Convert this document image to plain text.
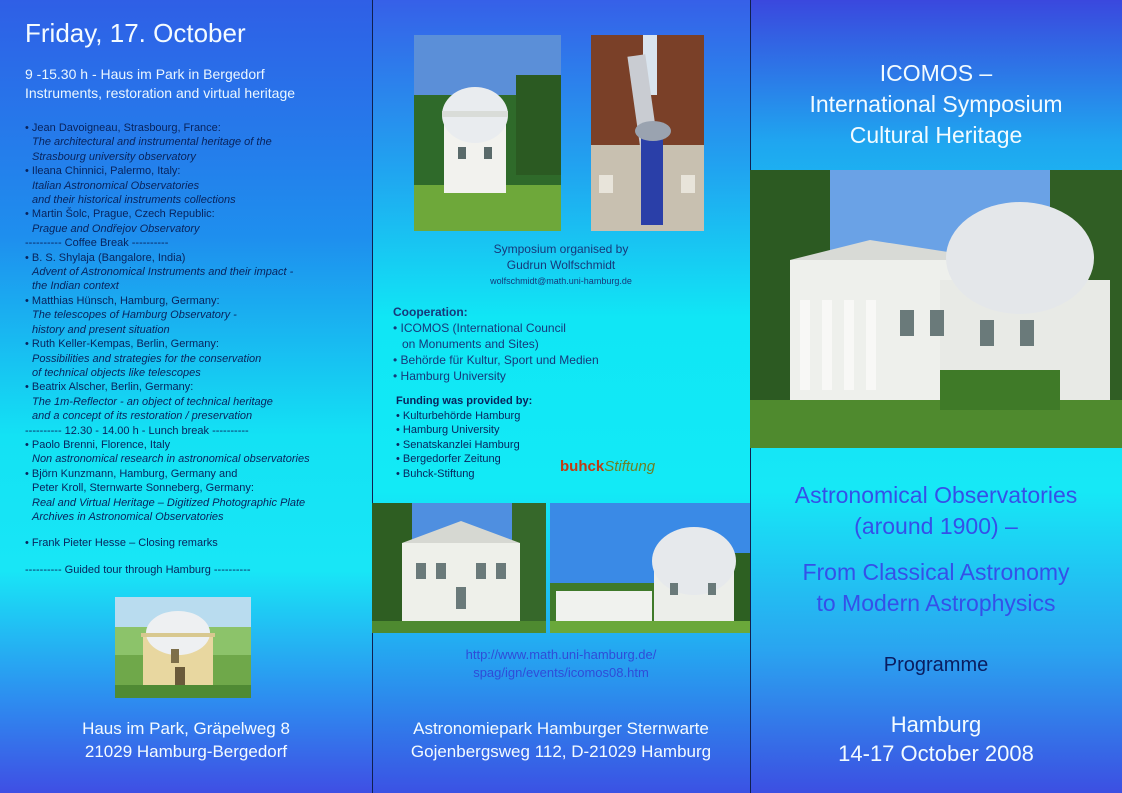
Friday, 17. October
9 -15.30 h - Haus im Park in Bergedorf
Instruments, restoration and virtual heritage
• Jean Davoigneau, Strasbourg, France:
The architectural and instrumental heritage of the
Strasbourg university observatory
• Ileana Chinnici, Palermo, Italy:
Italian Astronomical Observatories
and their historical instruments collections
• Martin Šolc, Prague, Czech Republic:
Prague and Ondřejov Observatory
---------- Coffee Break ----------
• B. S. Shylaja (Bangalore, India)
Advent of Astronomical Instruments and their impact -
the Indian context
• Matthias Hünsch, Hamburg, Germany:
The telescopes of Hamburg Observatory -
history and present situation
• Ruth Keller-Kempas, Berlin, Germany:
Possibilities and strategies for the conservation
of technical objects like telescopes
• Beatrix Alscher, Berlin, Germany:
The 1m-Reflector - an object of technical heritage
and a concept of its restoration / preservation
---------- 12.30 - 14.00 h - Lunch break ----------
• Paolo Brenni, Florence, Italy
Non astronomical research in astronomical observatories
• Björn Kunzmann, Hamburg, Germany and
Peter Kroll, Sternwarte Sonneberg, Germany:
Real and Virtual Heritage – Digitized Photographic Plate
Archives in Astronomical Observatories
• Frank Pieter Hesse – Closing remarks
---------- Guided tour through Hamburg ----------
Haus im Park, Gräpelweg 8
21029 Hamburg-Bergedorf
Symposium organised by
Gudrun Wolfschmidt
wolfschmidt@math.uni-hamburg.de
Cooperation:
• ICOMOS (International Council
on Monuments and Sites)
• Behörde für Kultur, Sport und Medien
• Hamburg University
Funding was provided by:
• Kulturbehörde Hamburg
• Hamburg University
• Senatskanzlei Hamburg
• Bergedorfer Zeitung
• Buhck-Stiftung	buhckStiftung
http://www.math.uni-hamburg.de/
spag/ign/events/icomos08.htm
Astronomiepark Hamburger Sternwarte
Gojenbergsweg 112, D-21029 Hamburg
ICOMOS –
International Symposium
Cultural Heritage
Astronomical Observatories
(around 1900) –
From Classical Astronomy
to Modern Astrophysics
Programme
Hamburg
14-17 October 2008
